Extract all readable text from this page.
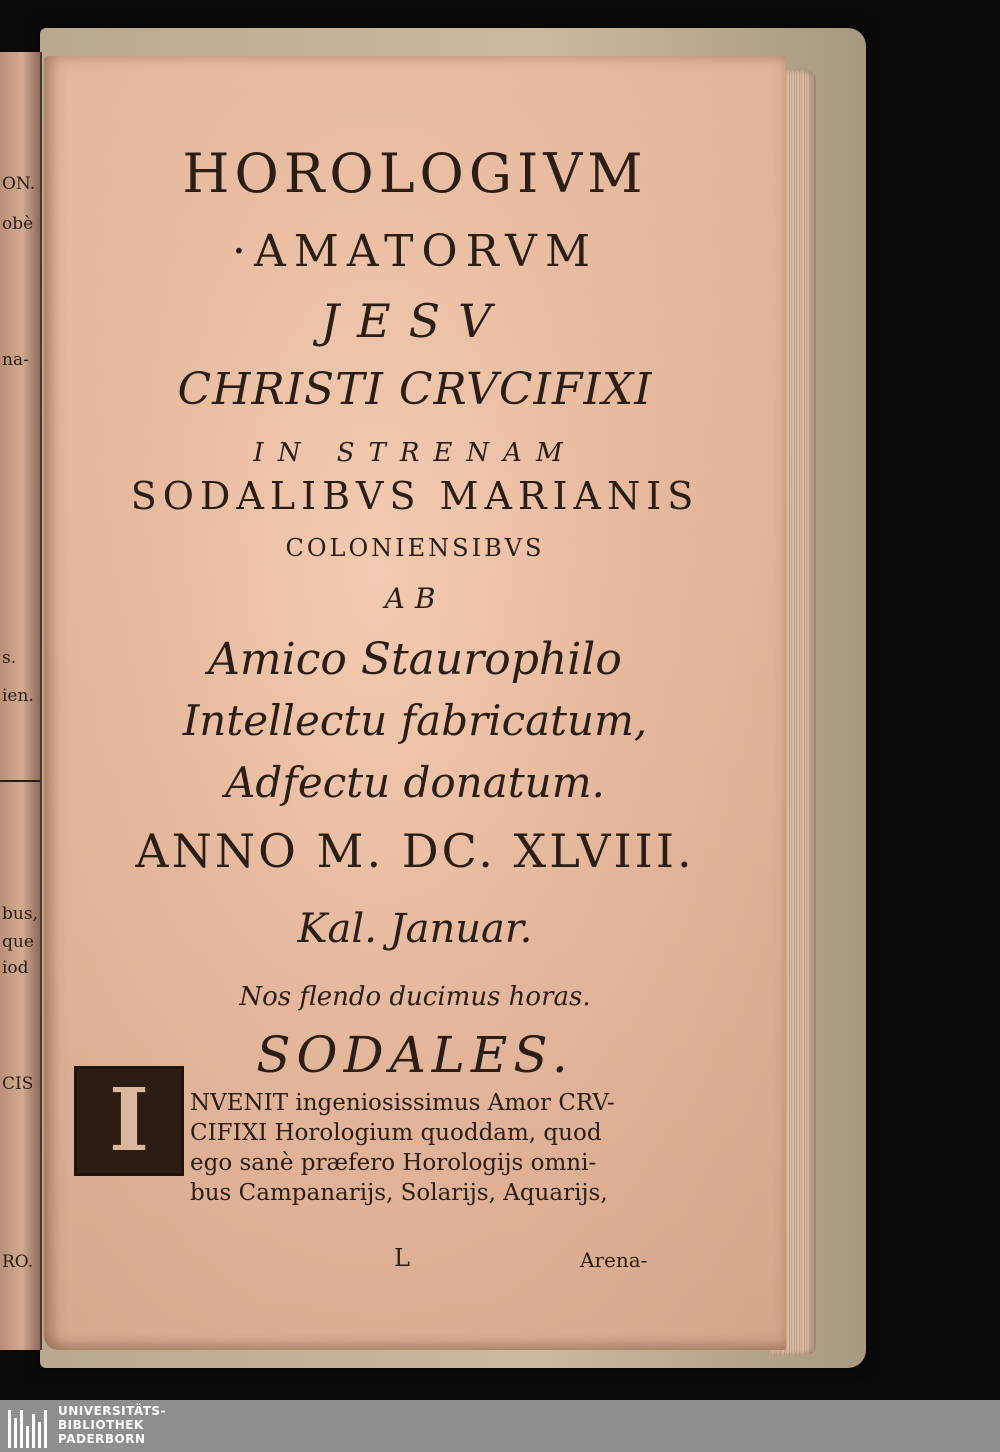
ON.
obè
na-
s.
ien.
bus,
que
iod
CIS
RO.
HOROLOGIVM
·AMATORVM
JESV
CHRISTI CRVCIFIXI
IN STRENAM
SODALIBVS MARIANIS
COLONIENSIBVS
AB
Amico Staurophilo
Intellectu fabricatum,
Adfectu donatum.
ANNO M. DC. XLVIII.
Kal. Januar.
Nos flendo ducimus horas.
SODALES.
I NVENIT ingeniosissimus Amor CRV-
CIFIXI Horologium quoddam, quod
ego sanè præfero Horologijs omni-
bus Campanarijs, Solarijs, Aquarijs,
L	Arena-
UNIVERSITÄTS-
BIBLIOTHEK
PADERBORN
